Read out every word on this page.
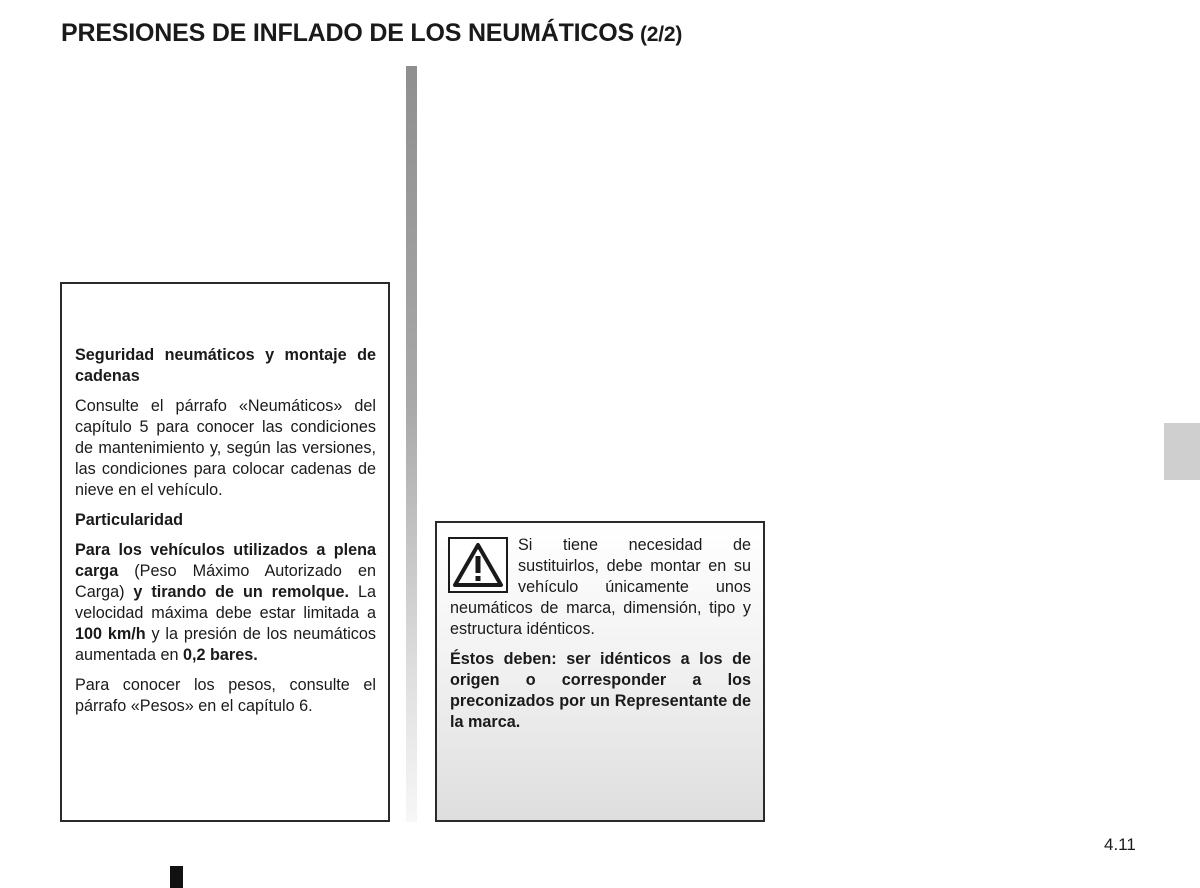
PRESIONES DE INFLADO DE LOS NEUMÁTICOS (2/2)

Seguridad neumáticos y montaje de cadenas

Consulte el párrafo «Neumáticos» del capítulo 5 para conocer las condiciones de mantenimiento y, según las versiones, las condiciones para colocar cadenas de nieve en el vehículo.

Particularidad

Para los vehículos utilizados a plena carga (Peso Máximo Autorizado en Carga) y tirando de un remolque. La velocidad máxima debe estar limitada a 100 km/h y la presión de los neumáticos aumentada en 0,2 bares.

Para conocer los pesos, consulte el párrafo «Pesos» en el capítulo 6.

Si tiene necesidad de sustituirlos, debe montar en su vehículo únicamente unos neumáticos de marca, dimensión, tipo y estructura idénticos.

Éstos deben: ser idénticos a los de origen o corresponder a los preconizados por un Representante de la marca.

4.11
